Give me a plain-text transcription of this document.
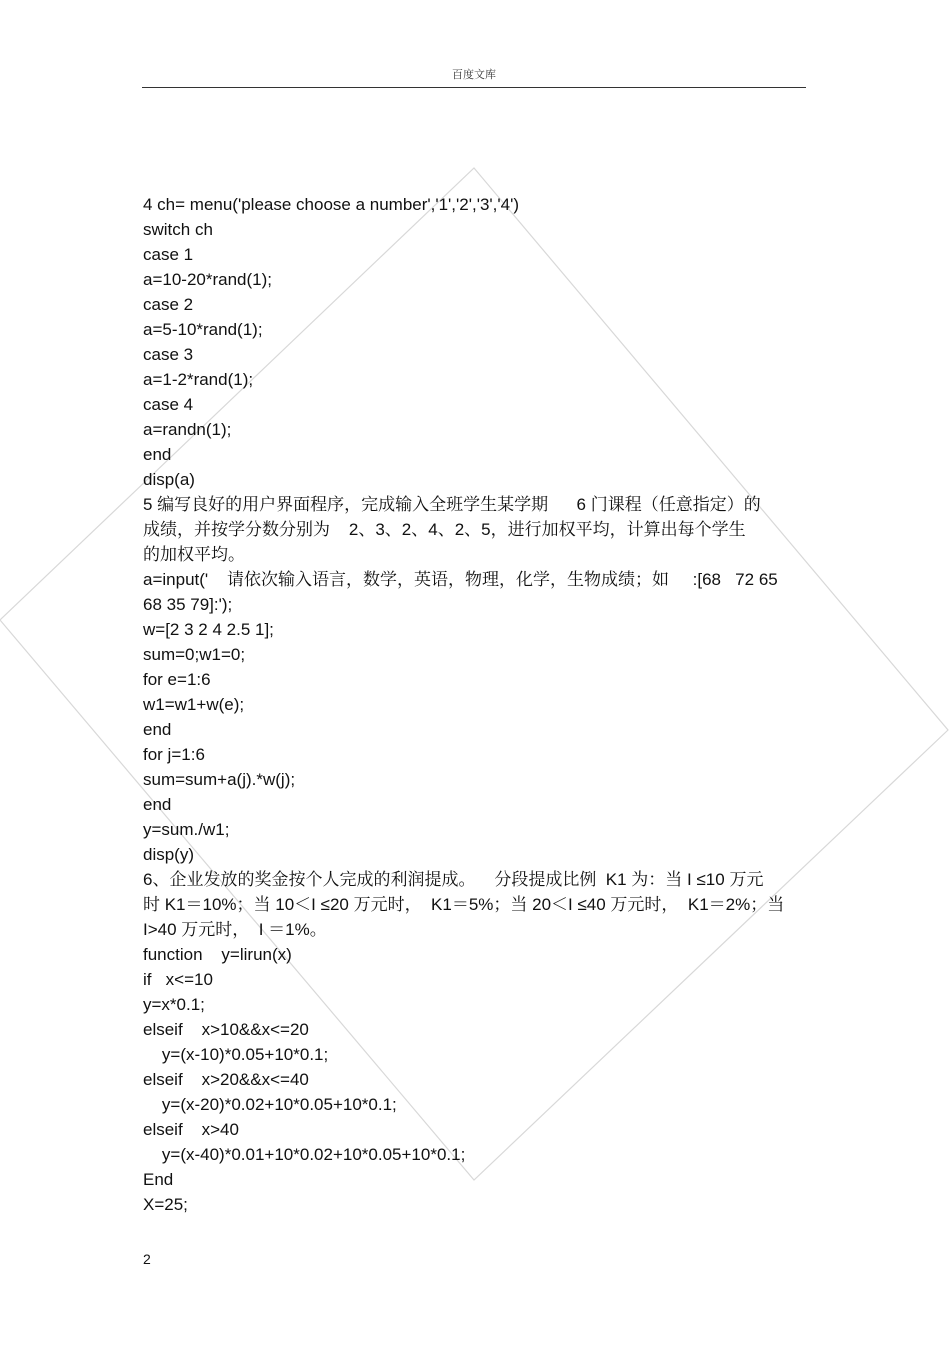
百度文库
4 ch= menu('please choose a number','1','2','3','4')
switch ch
case 1
a=10-20*rand(1);
case 2
a=5-10*rand(1);
case 3
a=1-2*rand(1);
case 4
a=randn(1);
end
disp(a)
5 编写良好的用户界面程序，完成输入全班学生某学期      6 门课程（任意指定）的
成绩，并按学分数分别为    2、3、2、4、2、5，进行加权平均，计算出每个学生
的加权平均。
a=input('    请依次输入语言，数学，英语，物理，化学，生物成绩；如     :[68   72 65
68 35 79]:');
w=[2 3 2 4 2.5 1];
sum=0;w1=0;
for e=1:6
w1=w1+w(e);
end
for j=1:6
sum=sum+a(j).*w(j);
end
y=sum./w1;
disp(y)
6、企业发放的奖金按个人完成的利润提成。    分段提成比例  K1 为：当 I ≤10 万元
时 K1＝10%；当 10＜I ≤20 万元时，  K1＝5%；当 20＜I ≤40 万元时，  K1＝2%；当
I>40 万元时，  I ＝1%。
function    y=lirun(x)
if   x<=10
y=x*0.1;
elseif    x>10&&x<=20
y=(x-10)*0.05+10*0.1;
elseif    x>20&&x<=40
y=(x-20)*0.02+10*0.05+10*0.1;
elseif    x>40
y=(x-40)*0.01+10*0.02+10*0.05+10*0.1;
End
X=25;
2
